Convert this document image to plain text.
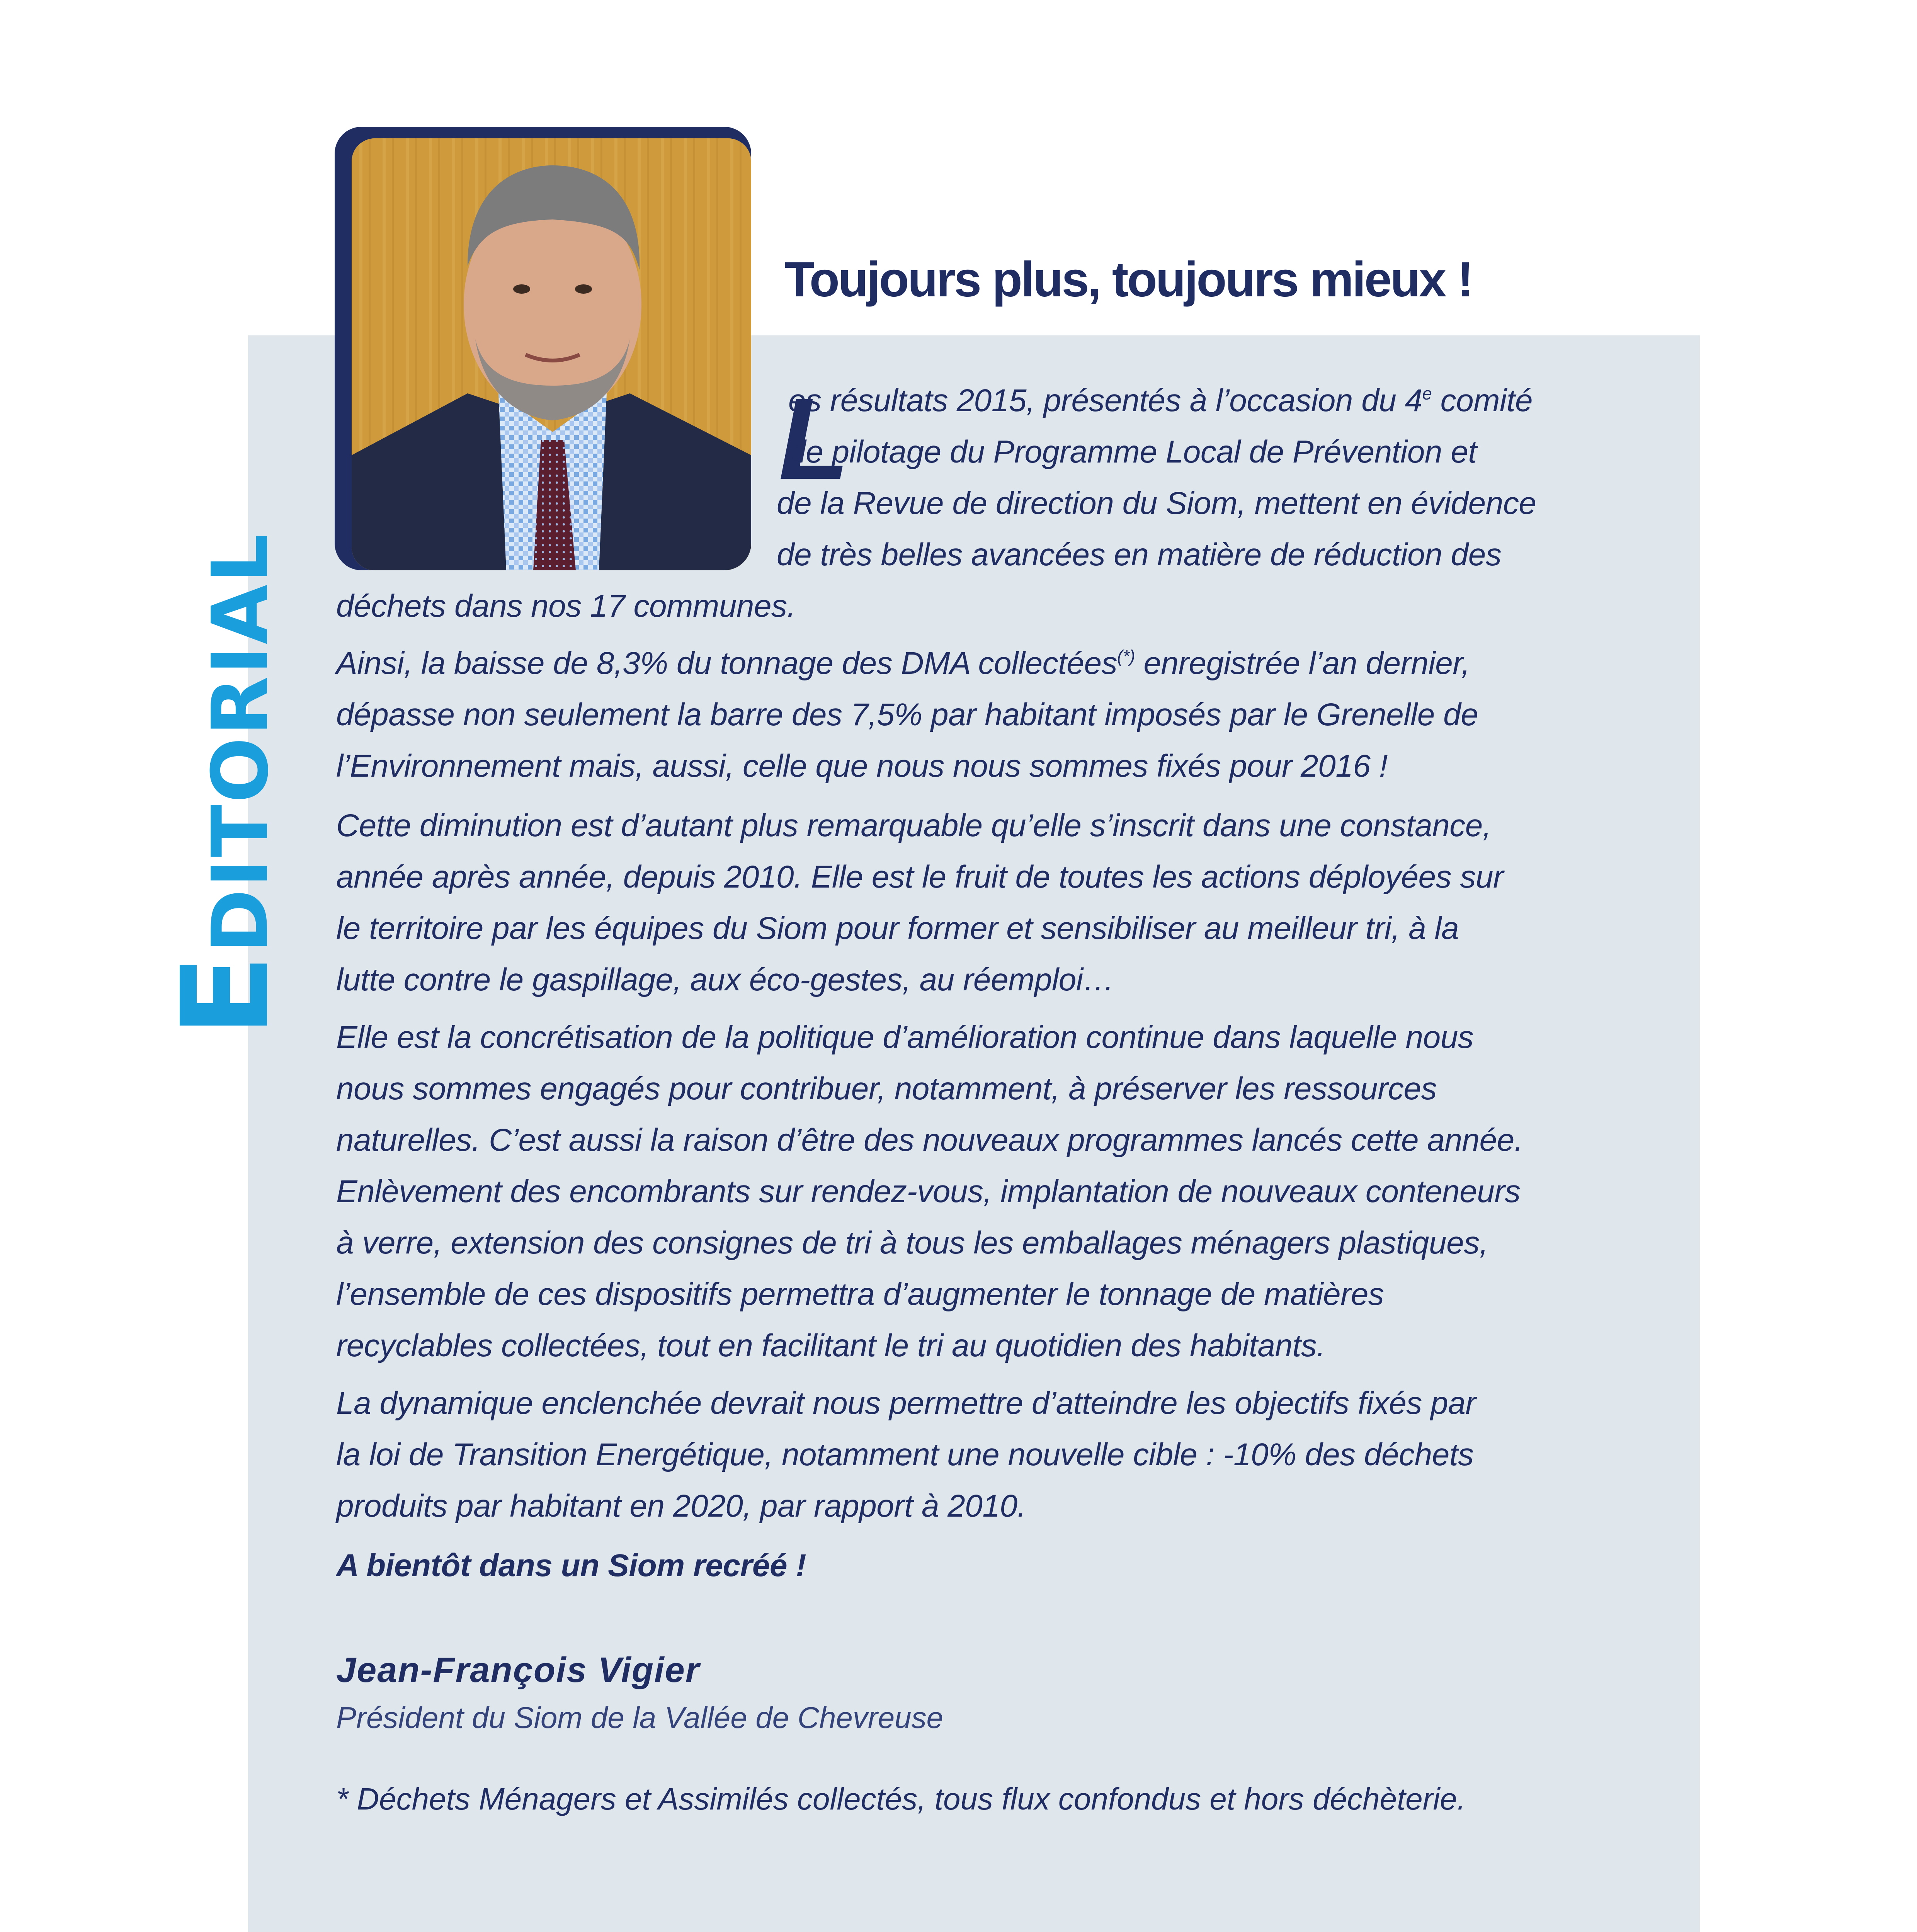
EDITORIAL
Toujours plus, toujours mieux !
L
es résultats 2015, présentés à l’occasion du 4e comité
de pilotage du Programme Local de Prévention et
de la Revue de direction du Siom, mettent en évidence
de très belles avancées en matière de réduction des
déchets dans nos 17 communes.
Ainsi, la baisse de 8,3% du tonnage des DMA collectées(*) enregistrée l’an dernier,
dépasse non seulement la barre des 7,5% par habitant imposés par le Grenelle de
l’Environnement mais, aussi, celle que nous nous sommes fixés pour 2016 !
Cette diminution est d’autant plus remarquable qu’elle s’inscrit dans une constance,
année après année, depuis 2010. Elle est le fruit de toutes les actions déployées sur
le territoire par les équipes du Siom pour former et sensibiliser au meilleur tri, à la
lutte contre le gaspillage, aux éco-gestes, au réemploi…
Elle est la concrétisation de la politique d’amélioration continue dans laquelle nous
nous sommes engagés pour contribuer, notamment, à préserver les ressources
naturelles. C’est aussi la raison d’être des nouveaux programmes lancés cette année.
Enlèvement des encombrants sur rendez-vous, implantation de nouveaux conteneurs
à verre, extension des consignes de tri à tous les emballages ménagers plastiques,
l’ensemble de ces dispositifs permettra d’augmenter le tonnage de matières
recyclables collectées, tout en facilitant le tri au quotidien des habitants.
La dynamique enclenchée devrait nous permettre d’atteindre les objectifs fixés par
la loi de Transition Energétique, notamment une nouvelle cible : -10% des déchets
produits par habitant en 2020, par rapport à 2010.
A bientôt dans un Siom recréé !
Jean-François Vigier
Président du Siom de la Vallée de Chevreuse
* Déchets Ménagers et Assimilés collectés, tous flux confondus et hors déchèterie.
